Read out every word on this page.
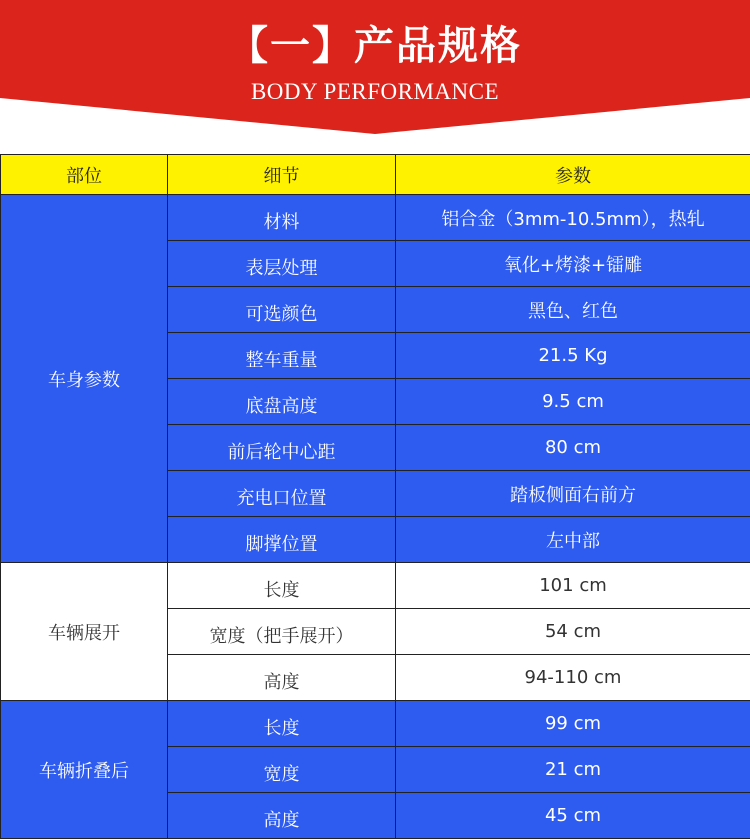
【一】产品规格
BODY PERFORMANCE
部位	细节	参数
车身参数	材料	铝合金（3mm-10.5mm），热轧
	表层处理	氧化+烤漆+镭雕
	可选颜色	黑色、红色
	整车重量	21.5 Kg
	底盘高度	9.5 cm
	前后轮中心距	80 cm
	充电口位置	踏板侧面右前方
	脚撑位置	左中部
车辆展开	长度	101 cm
	宽度（把手展开）	54 cm
	高度	94-110 cm
车辆折叠后	长度	99 cm
	宽度	21 cm
	高度	45 cm
